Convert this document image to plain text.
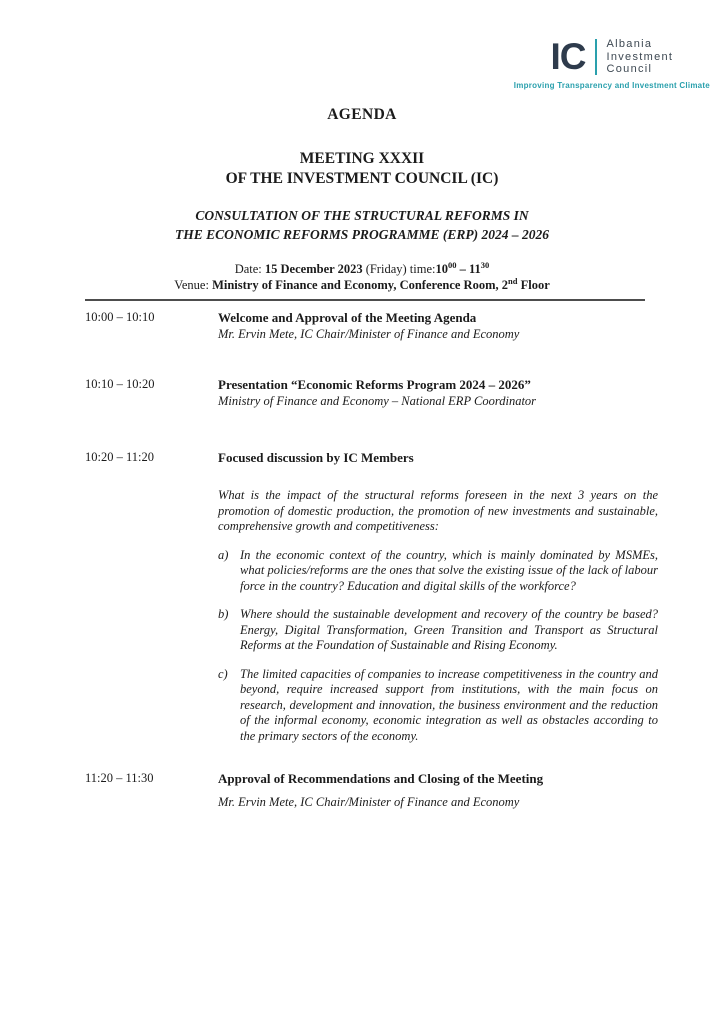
IC Albania
Investment
Council
Improving Transparency and Investment Climate
AGENDA
MEETING XXXII
OF THE INVESTMENT COUNCIL (IC)
CONSULTATION OF THE STRUCTURAL REFORMS IN
THE ECONOMIC REFORMS PROGRAMME (ERP) 2024 – 2026
Date: 15 December 2023 (Friday) $time:10^{00} - 11^{30}$
Venue: Ministry of Finance and Economy, Conference Room, 2nd Floor
10:00 – 10:10	Welcome and Approval of the Meeting Agenda
Mr. Ervin Mete, IC Chair/Minister of Finance and Economy
10:10 – 10:20	Presentation “Economic Reforms Program 2024 – 2026”
Ministry of Finance and Economy – National ERP Coordinator
10:20 – 11:20	Focused discussion by IC Members
What is the impact of the structural reforms foreseen in the next 3 years on the promotion of domestic production, the promotion of new investments and sustainable, comprehensive growth and competitiveness:
a) In the economic context of the country, which is mainly dominated by MSMEs, what policies/reforms are the ones that solve the existing issue of the lack of labour force in the country? Education and digital skills of the workforce?
b) Where should the sustainable development and recovery of the country be based? Energy, Digital Transformation, Green Transition and Transport as Structural Reforms at the Foundation of Sustainable and Rising Economy.
c) The limited capacities of companies to increase competitiveness in the country and beyond, require increased support from institutions, with the main focus on research, development and innovation, the business environment and the reduction of the informal economy, economic integration as well as obstacles according to the primary sectors of the economy.
11:20 – 11:30	Approval of Recommendations and Closing of the Meeting
Mr. Ervin Mete, IC Chair/Minister of Finance and Economy
